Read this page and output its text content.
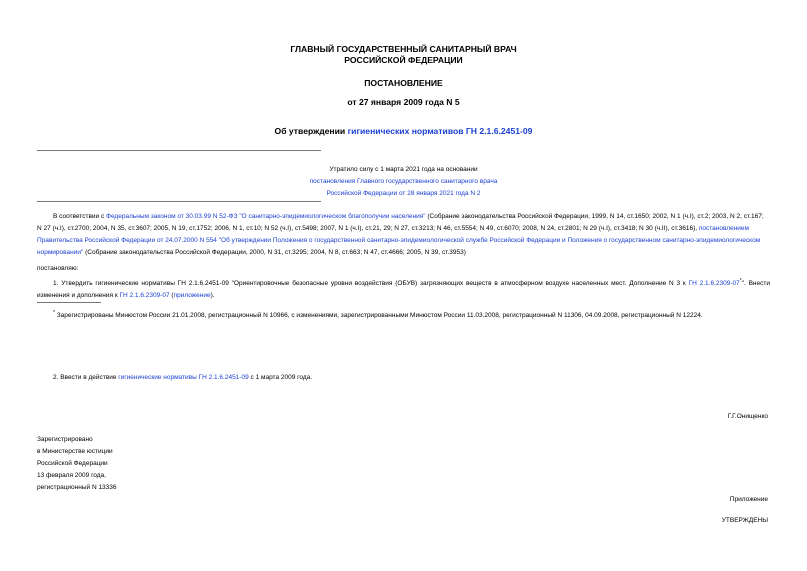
ГЛАВНЫЙ ГОСУДАРСТВЕННЫЙ САНИТАРНЫЙ ВРАЧ
РОССИЙСКОЙ ФЕДЕРАЦИИ
ПОСТАНОВЛЕНИЕ
от 27 января 2009 года N 5
Об утверждении гигиенических нормативов ГН 2.1.6.2451-09
Утратило силу с 1 марта 2021 года на основании
постановления Главного государственного санитарного врача
Российской Федерации от 28 января 2021 года N 2
В соответствии с Федеральным законом от 30.03.99 N 52-ФЗ "О санитарно-эпидемиологическом благополучии населения" (Собрание законодательства Российской Федерации, 1999, N 14, ст.1650; 2002, N 1 (ч.I), ст.2; 2003, N 2, ст.167; N 27 (ч.I), ст.2700; 2004, N 35, ст.3607; 2005, N 19, ст.1752; 2006, N 1, ст.10; N 52 (ч.I), ст.5498; 2007, N 1 (ч.I), ст.21, 29; N 27, ст.3213; N 46, ст.5554; N 49, ст.6070; 2008, N 24, ст.2801; N 29 (ч.I), ст.3418; N 30 (ч.II), ст.3616), постановлением Правительства Российской Федерации от 24.07.2000 N 554 "Об утверждении Положения о государственной санитарно-эпидемиологической службе Российской Федерации и Положения о государственном санитарно-эпидемиологическом нормировании" (Собрание законодательства Российской Федерации, 2000, N 31, ст.3295; 2004, N 8, ст.663; N 47, ст.4666; 2005, N 39, ст.3953)
постановляю:
1. Утвердить гигиенические нормативы ГН 2.1.6.2451-09 "Ориентировочные безопасные уровни воздействия (ОБУВ) загрязняющих веществ в атмосферном воздухе населенных мест. Дополнение N 3 к ГН 2.1.6.2309-07*". Внести изменения и дополнения к ГН 2.1.6.2309-07 (приложение).
* Зарегистрированы Минюстом России 21.01.2008, регистрационный N 10966, с изменениями, зарегистрированными Минюстом России 11.03.2008, регистрационный N 11306, 04.09.2008, регистрационный N 12224.
2. Ввести в действие гигиенические нормативы ГН 2.1.6.2451-09 с 1 марта 2009 года.
Г.Г.Онищенко
Зарегистрировано
в Министерстве юстиции
Российской Федерации
13 февраля 2009 года,
регистрационный N 13336
Приложение
УТВЕРЖДЕНЫ
